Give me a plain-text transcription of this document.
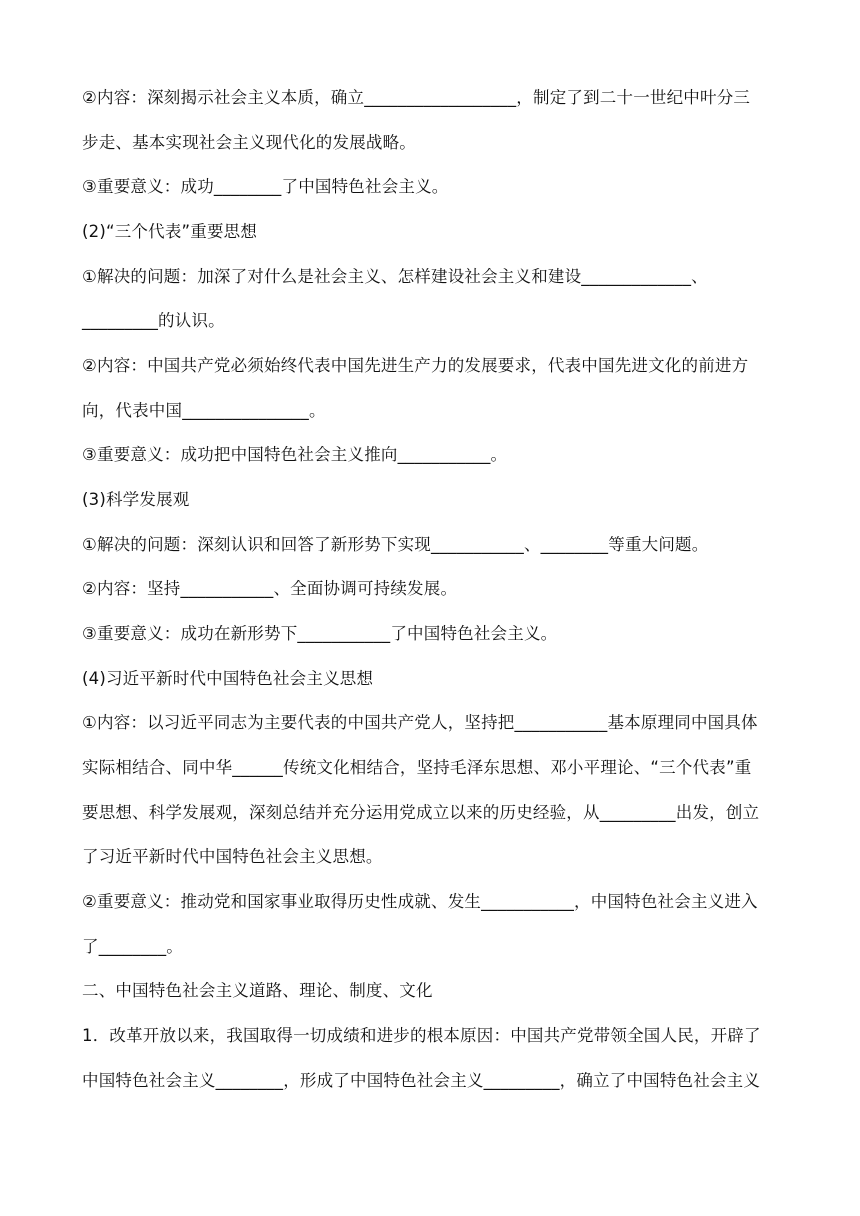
②内容：深刻揭示社会主义本质，确立__________________，制定了到二十一世纪中叶分三
步走、基本实现社会主义现代化的发展战略。
③重要意义：成功________了中国特色社会主义。
(2)“三个代表”重要思想
①解决的问题：加深了对什么是社会主义、怎样建设社会主义和建设_____________、
_________的认识。
②内容：中国共产党必须始终代表中国先进生产力的发展要求，代表中国先进文化的前进方
向，代表中国_______________。
③重要意义：成功把中国特色社会主义推向___________。
(3)科学发展观
①解决的问题：深刻认识和回答了新形势下实现___________、________等重大问题。
②内容：坚持___________、全面协调可持续发展。
③重要意义：成功在新形势下___________了中国特色社会主义。
(4)习近平新时代中国特色社会主义思想
①内容：以习近平同志为主要代表的中国共产党人，坚持把___________基本原理同中国具体
实际相结合、同中华______传统文化相结合，坚持毛泽东思想、邓小平理论、“三个代表”重
要思想、科学发展观，深刻总结并充分运用党成立以来的历史经验，从_________出发，创立
了习近平新时代中国特色社会主义思想。
②重要意义：推动党和国家事业取得历史性成就、发生___________，中国特色社会主义进入
了________。
二、中国特色社会主义道路、理论、制度、文化
1．改革开放以来，我国取得一切成绩和进步的根本原因：中国共产党带领全国人民，开辟了
中国特色社会主义________，形成了中国特色社会主义_________，确立了中国特色社会主义
